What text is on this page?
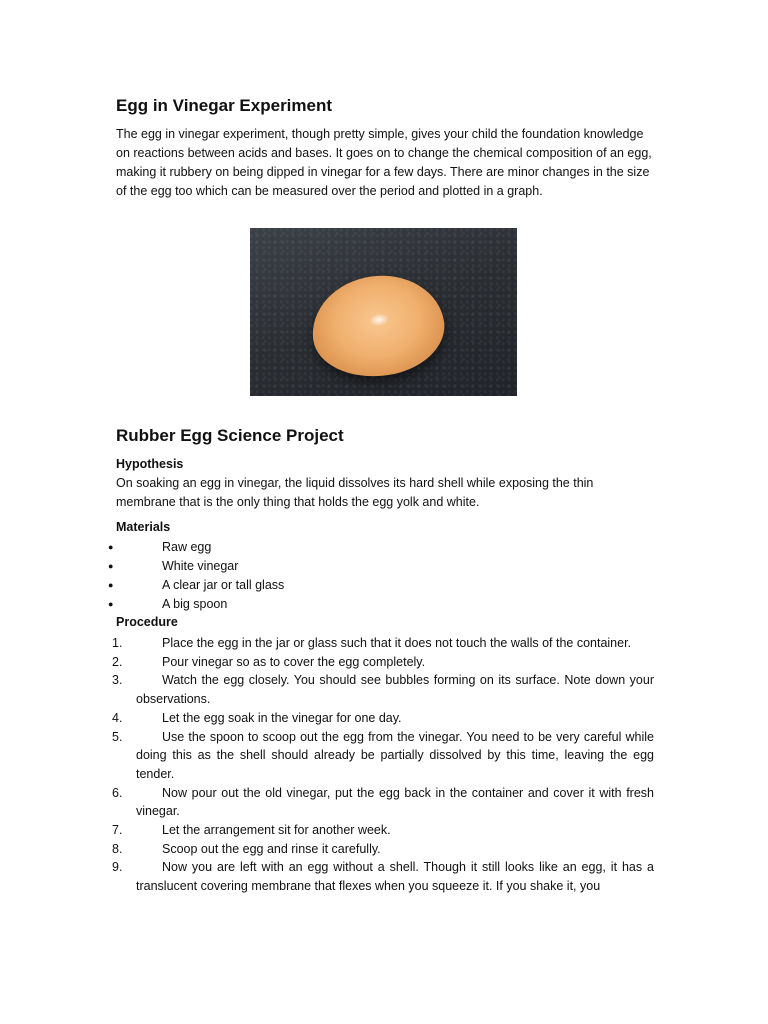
Egg in Vinegar Experiment

The egg in vinegar experiment, though pretty simple, gives your child the foundation knowledge on reactions between acids and bases. It goes on to change the chemical composition of an egg, making it rubbery on being dipped in vinegar for a few days. There are minor changes in the size of the egg too which can be measured over the period and plotted in a graph.

Rubber Egg Science Project
Hypothesis

On soaking an egg in vinegar, the liquid dissolves its hard shell while exposing the thin membrane that is the only thing that holds the egg yolk and white.

Materials
●	Raw egg
●	White vinegar
●	A clear jar or tall glass
●	A big spoon
Procedure
1.	Place the egg in the jar or glass such that it does not touch the walls of the container.
2.	Pour vinegar so as to cover the egg completely.
3.	Watch the egg closely. You should see bubbles forming on its surface. Note down your observations.
4.	Let the egg soak in the vinegar for one day.
5.	Use the spoon to scoop out the egg from the vinegar. You need to be very careful while doing this as the shell should already be partially dissolved by this time, leaving the egg tender.
6.	Now pour out the old vinegar, put the egg back in the container and cover it with fresh vinegar.
7.	Let the arrangement sit for another week.
8.	Scoop out the egg and rinse it carefully.
9.	Now you are left with an egg without a shell. Though it still looks like an egg, it has a translucent covering membrane that flexes when you squeeze it. If you shake it, you
